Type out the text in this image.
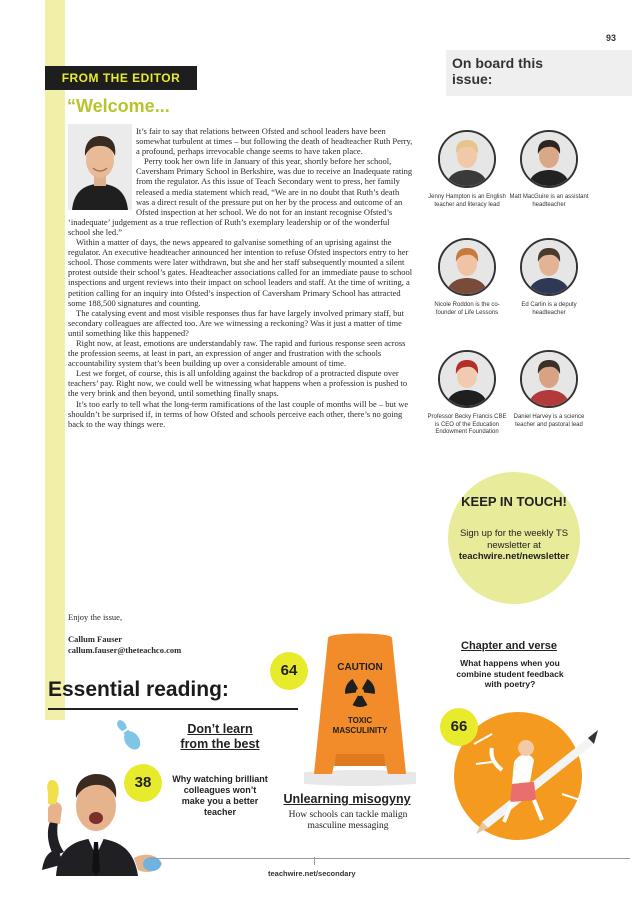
93
FROM THE EDITOR
“Welcome...

It’s fair to say that relations between Ofsted and school leaders have been somewhat turbulent at times – but following the death of headteacher Ruth Perry, a profound, perhaps irrevocable change seems to have taken place.

Perry took her own life in January of this year, shortly before her school, Caversham Primary School in Berkshire, was due to receive an Inadequate rating from the regulator. As this issue of Teach Secondary went to press, her family released a media statement which read, “We are in no doubt that Ruth’s death was a direct result of the pressure put on her by the process and outcome of an Ofsted inspection at her school. We do not for an instant recognise Ofsted’s ‘inadequate’ judgement as a true reflection of Ruth’s exemplary leadership or of the wonderful school she led.”

Within a matter of days, the news appeared to galvanise something of an uprising against the regulator. An executive headteacher announced her intention to refuse Ofsted inspectors entry to her school. Those comments were later withdrawn, but she and her staff subsequently mounted a silent protest outside their school’s gates. Headteacher associations called for an immediate pause to school inspections and urgent reviews into their impact on school leaders and staff. At the time of writing, a petition calling for an inquiry into Ofsted’s inspection of Caversham Primary School has attracted some 188,500 signatures and counting.

The catalysing event and most visible responses thus far have largely involved primary staff, but secondary colleagues are affected too. Are we witnessing a reckoning? Was it just a matter of time until something like this happened?

Right now, at least, emotions are understandably raw. The rapid and furious response seen across the profession seems, at least in part, an expression of anger and frustration with the schools accountability system that’s been building up over a considerable amount of time.

Lest we forget, of course, this is all unfolding against the backdrop of a protracted dispute over teachers’ pay. Right now, we could well be witnessing what happens when a profession is pushed to the very brink and then beyond, until something finally snaps.

It’s too early to tell what the long-term ramifications of the last couple of months will be – but we shouldn’t be surprised if, in terms of how Ofsted and schools perceive each other, there’s no going back to the way things were.

Enjoy the issue,
Callum Fauser
callum.fauser@theteachco.com
On board this issue:
Jenny Hampton is an English teacher and literacy lead
Matt MacGuire is an assistant headteacher
Nicole Roddon is the co-founder of Life Lessons
Ed Carlin is a deputy headteacher
Professor Becky Francis CBE is CEO of the Education Endowment Foundation
Daniel Harvey is a science teacher and pastoral lead
KEEP IN TOUCH!
Sign up for the weekly TS newsletter at teachwire.net/newsletter
Essential reading:
38
Don’t learn from the best
Why watching brilliant colleagues won’t make you a better teacher
64	CAUTION
TOXIC MASCULINITY
Unlearning misogyny
How schools can tackle malign masculine messaging
Chapter and verse
What happens when you combine student feedback with poetry?
66
teachwire.net/secondary
